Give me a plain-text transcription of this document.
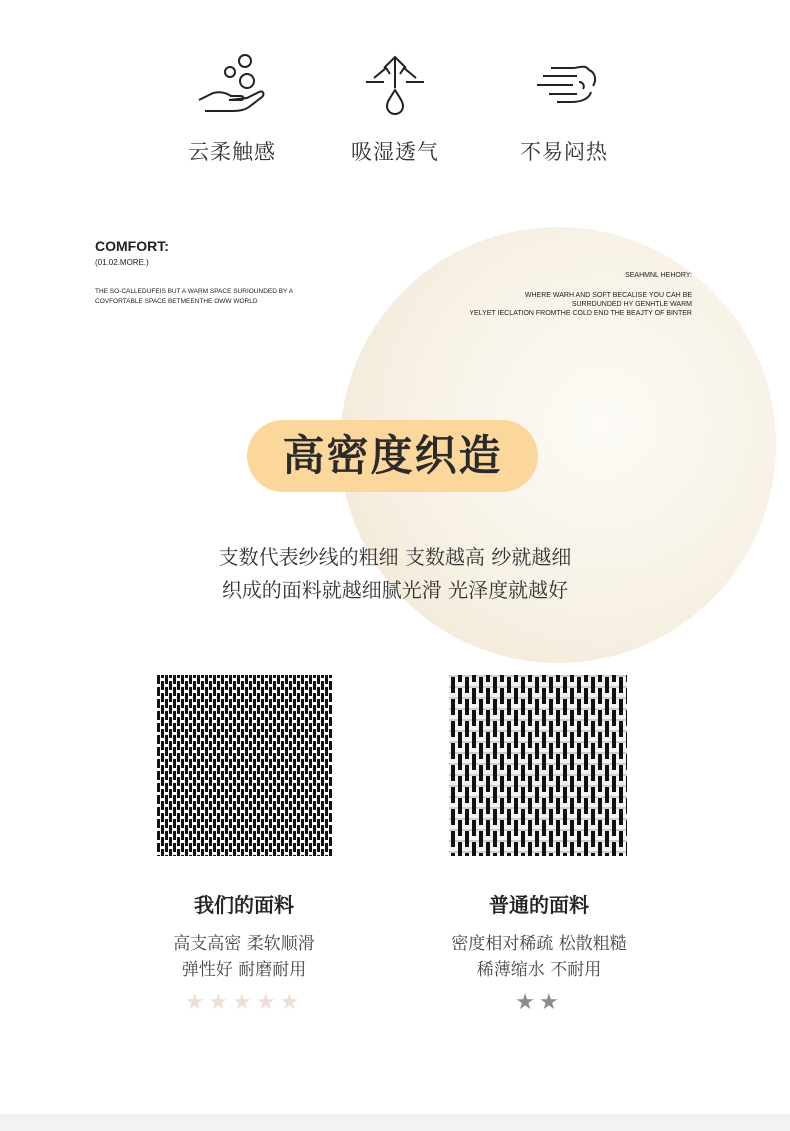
云柔触感	吸湿透气	不易闷热
COMFORT:
(01.02.MORE.)
THE SO-CALLEDUFEIS BUT A WARM SPACE SURIOUNDED BY A COVFORTABLE SPACE BETMEENTHE OWW WORLD
SEAHMNL HEHORY:
WHERE WARH AND SOFT BECALISE YOU CAH BE
SURRDUNDED HY GENHTLE WARM
YELYET IECLATION FROMTHE COLD END THE BEAJTY OF BINTER
高密度织造
支数代表纱线的粗细 支数越高 纱就越细
织成的面料就越细腻光滑 光泽度就越好
我们的面料
高支高密 柔软顺滑
弹性好 耐磨耐用
★★★★★
普通的面料
密度相对稀疏 松散粗糙
稀薄缩水 不耐用
★★
